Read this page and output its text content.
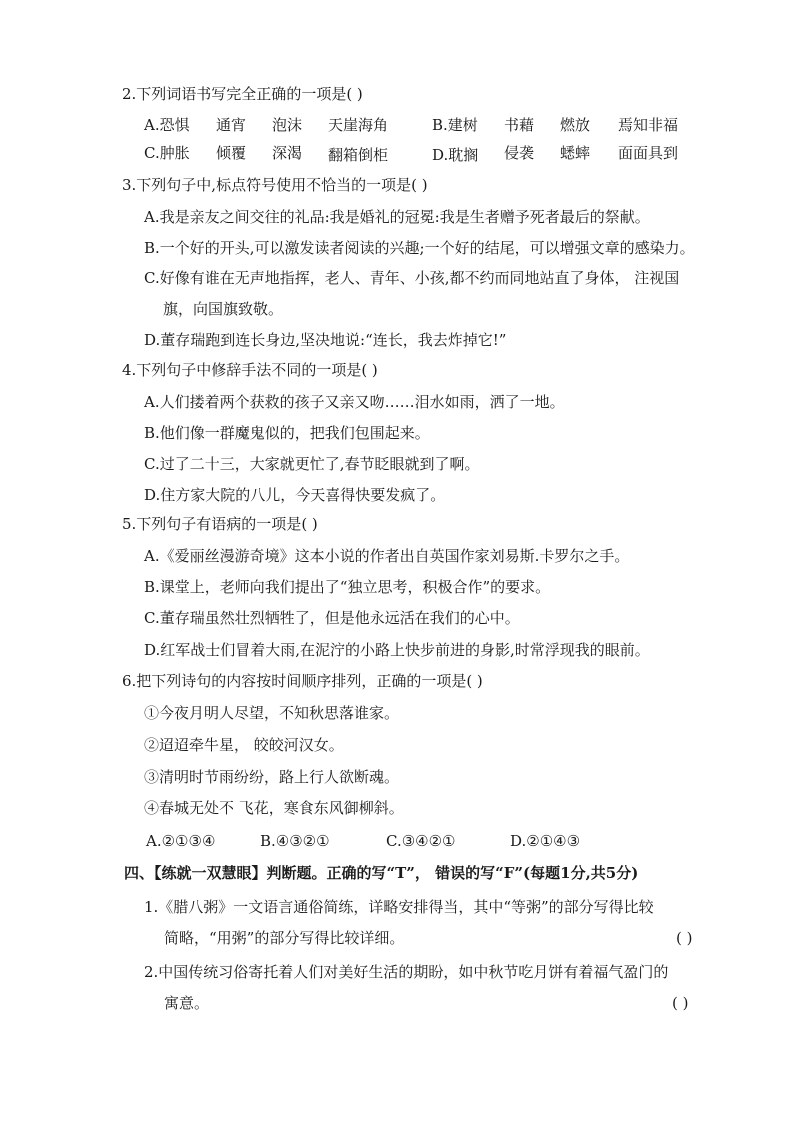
2.下列词语书写完全正确的一项是( )
A.恐惧 通宵 泡沫 天崖海角	B.建树 书藉 燃放 焉知非福
C.肿胀 倾覆 深渴 翻箱倒柜	D.耽搁 侵袭 蟋蟀 面面具到
3.下列句子中,标点符号使用不恰当的一项是( )
A.我是亲友之间交往的礼品:我是婚礼的冠冕:我是生者赠予死者最后的祭献。
B.一个好的开头,可以激发读者阅读的兴趣;一个好的结尾，可以增强文章的感染力。
C.好像有谁在无声地指挥，老人、青年、小孩,都不约而同地站直了身体， 注视国
旗，向国旗致敬。
D.董存瑞跑到连长身边,坚决地说:“连长，我去炸掉它!”
4.下列句子中修辞手法不同的一项是( )
A.人们搂着两个获救的孩子又亲又吻……泪水如雨，洒了一地。
B.他们像一群魔鬼似的，把我们包围起来。
C.过了二十三，大家就更忙了,春节眨眼就到了啊。
D.住方家大院的八儿，今天喜得快要发疯了。
5.下列句子有语病的一项是( )
A.《爱丽丝漫游奇境》这本小说的作者出自英国作家刘易斯.卡罗尔之手。
B.课堂上，老师向我们提出了“独立思考，积极合作”的要求。
C.董存瑞虽然壮烈牺牲了，但是他永远活在我们的心中。
D.红军战士们冒着大雨,在泥泞的小路上快步前进的身影,时常浮现我的眼前。
6.把下列诗句的内容按时间顺序排列，正确的一项是( )
①今夜月明人尽望，不知秋思落谁家。
②迢迢牵牛星， 皎皎河汉女。
③清明时节雨纷纷，路上行人欲断魂。
④春城无处不 飞花，寒食东风御柳斜。
A.②①③④	B.④③②①	C.③④②①	D.②①④③
四、【练就一双慧眼】判断题。正确的写“T”， 错误的写“F”(每题1分,共5分)
1.《腊八粥》一文语言通俗简练，详略安排得当，其中“等粥”的部分写得比较
简略，“用粥”的部分写得比较详细。	( )
2.中国传统习俗寄托着人们对美好生活的期盼，如中秋节吃月饼有着福气盈门的
寓意。	( )
